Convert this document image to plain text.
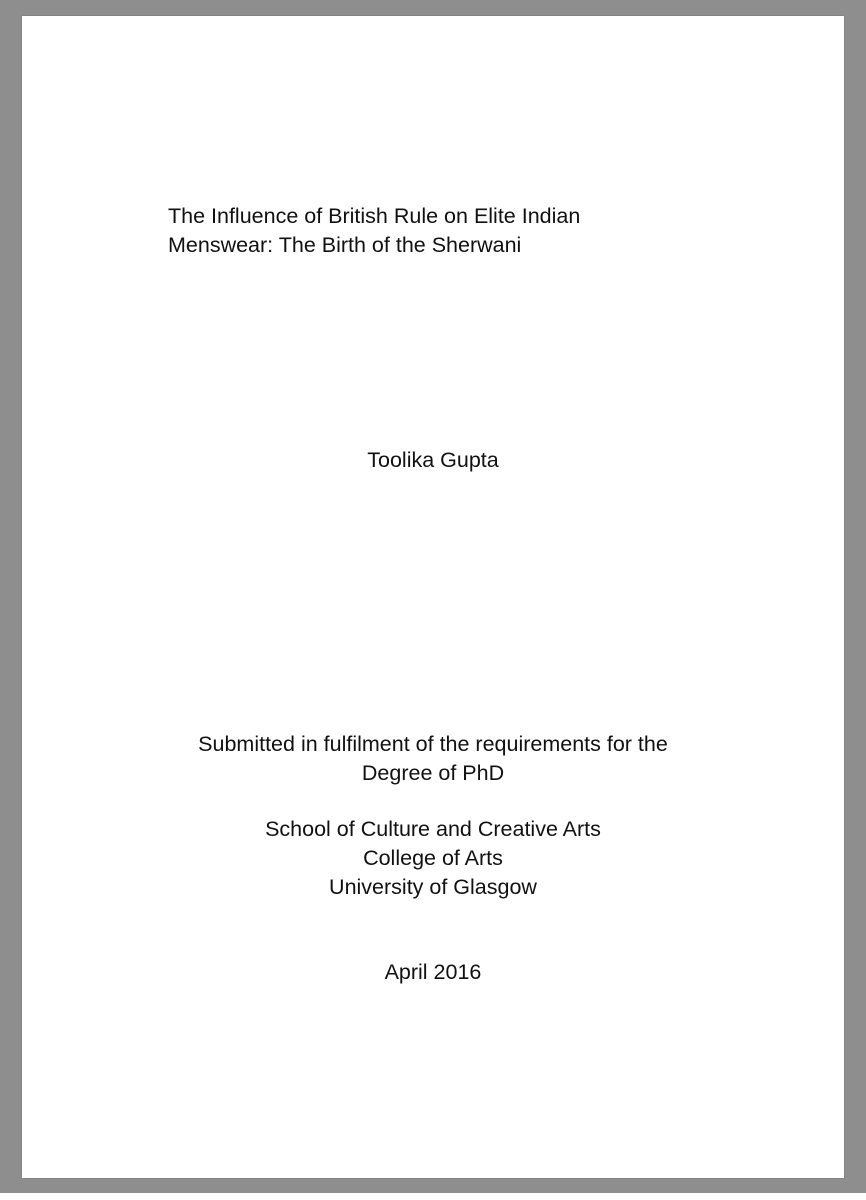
The Influence of British Rule on Elite Indian
Menswear: The Birth of the Sherwani
Toolika Gupta
Submitted in fulfilment of the requirements for the
Degree of PhD
School of Culture and Creative Arts
College of Arts
University of Glasgow
April 2016
